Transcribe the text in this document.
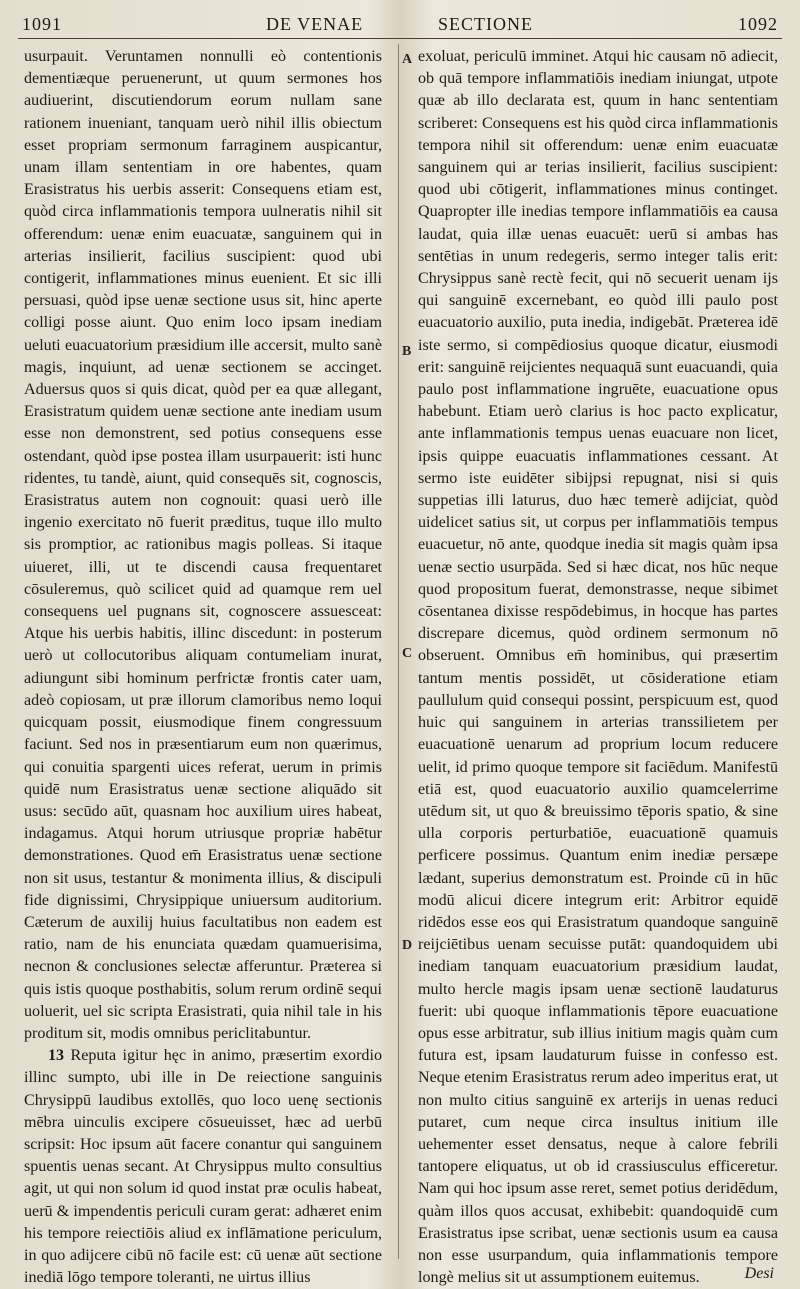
1091	DE VENAE	SECTIONE	1092

usurpauit. Veruntamen nonnulli eò contentionis dementiæque peruenerunt, ut quum sermones hos audiuerint, discutiendorum eorum nullam sane rationem inueniant, tanquam uerò nihil illis obiectum esset propriam sermonum farraginem auspicantur, unam illam sententiam in ore habentes, quam Erasistratus his uerbis asserit: Consequens etiam est, quòd circa inflammationis tempora uulneratis nihil sit offerendum: uenæ enim euacuatæ, sanguinem qui in arterias insilierit, facilius suscipient: quod ubi contigerit, inflammationes minus euenient. Et sic illi persuasi, quòd ipse uenæ sectione usus sit, hinc aperte colligi posse aiunt. Quo enim loco ipsam inediam ueluti euacuatorium præsidium ille accersit, multo sanè magis, inquiunt, ad uenæ sectionem se accinget. Aduersus quos si quis dicat, quòd per ea quæ allegant, Erasistratum quidem uenæ sectione ante inediam usum esse non demonstrent, sed potius consequens esse ostendant, quòd ipse postea illam usurpauerit: isti hunc ridentes, tu tandè, aiunt, quid consequēs sit, cognoscis, Erasistratus autem non cognouit: quasi uerò ille ingenio exercitato nō fuerit præditus, tuque illo multo sis promptior, ac rationibus magis polleas. Si itaque uiueret, illi, ut te discendi causa frequentaret cōsuleremus, quò scilicet quid ad quamque rem uel consequens uel pugnans sit, cognoscere assuesceat: Atque his uerbis habitis, illinc discedunt: in posterum uerò ut collocutoribus aliquam contumeliam inurat, adiungunt sibi hominum perfrictæ frontis cater uam, adeò copiosam, ut præ illorum clamoribus nemo loqui quicquam possit, eiusmodique finem congressuum faciunt. Sed nos in præsentiarum eum non quærimus, qui conuitia spargenti uices referat, uerum in primis quidē num Erasistratus uenæ sectione aliquādo sit usus: secūdo aūt, quasnam hoc auxilium uires habeat, indagamus. Atqui horum utriusque propriæ habētur demonstrationes. Quod em̄ Erasistratus uenæ sectione non sit usus, testantur & monimenta illius, & discipuli fide dignissimi, Chrysippique uniuersum auditorium. Cæterum de auxilij huius facultatibus non eadem est ratio, nam de his enunciata quædam quamuerisimа, necnon & conclusiones selectæ afferuntur. Præterea si quis istis quoque posthabitis, solum rerum ordinē sequi uoluerit, uel sic scripta Erasistrati, quia nihil tale in his proditum sit, modis omnibus periclitabuntur.

13 Reputa igitur hęc in animo, præsertim exordio illinc sumpto, ubi ille in De reiectione sanguinis Chrysippū laudibus extollēs, quo loco uenę sectionis mēbra uinculis excipere cōsueuisset, hæc ad uerbū scripsit: Hoc ipsum aūt facere conantur qui sanguinem spuentis uenas secant. At Chrysippus multo consultius agit, ut qui non solum id quod instat præ oculis habeat, uerū & impendentis periculi curam gerat: adhæret enim his tempore reiectiōis aliud ex inflāmatione periculum, in quo adijcere cibū nō facile est: cū uenæ aūt sectione inediā lōgo tempore toleranti, ne uirtus illius

A
B
C
D

exoluat, periculū imminet. Atqui hic causam nō adiecit, ob quā tempore inflammatiōis inediam iniungat, utpote quæ ab illo declarata est, quum in hanc sententiam scriberet: Consequens est his quòd circa inflammationis tempora nihil sit offerendum: uenæ enim euacuatæ sanguinem qui ar terias insilierit, facilius suscipient: quod ubi cōtigerit, inflammationes minus continget. Quapropter ille inedias tempore inflammatiōis ea causa laudat, quia illæ uenas euacuēt: uerū si ambas has sentētias in unum redegeris, sermo integer talis erit: Chrysippus sanè rectè fecit, qui nō secuerit uenam ijs qui sanguinē excernebant, eo quòd illi paulo post euacuatorio auxilio, puta inedia, indigebāt. Præterea idē iste sermo, si compēdiosius quoque dicatur, eiusmodi erit: sanguinē reijcientes nequaquā sunt euacuandi, quia paulo post inflammatione ingruēte, euacuatione opus habebunt. Etiam uerò clarius is hoc pacto explicatur, ante inflammationis tempus uenas euacuare non licet, ipsis quippe euacuatis inflammationes cessant. At sermo iste euidēter sibijpsi repugnat, nisi si quis suppetias illi laturus, duo hæc temerè adijciat, quòd uidelicet satius sit, ut corpus per inflammatiōis tempus euacuetur, nō ante, quodque inedia sit magis quàm ipsa uenæ sectio usurpāda. Sed si hæc dicat, nos hūc neque quod propositum fuerat, demonstrasse, neque sibimet cōsentanea dixisse respōdebimus, in hocque has partes discrepare dicemus, quòd ordinem sermonum nō obseruent. Omnibus em̄ hominibus, qui præsertim tantum mentis possidēt, ut cōsideratione etiam paullulum quid consequi possint, perspicuum est, quod huic qui sanguinem in arterias transsilietem per euacuationē uenarum ad proprium locum reducere uelit, id primo quoque tempore sit faciēdum. Manifestū etiā est, quod euacuatorio auxilio quamcelerrime utēdum sit, ut quo & breuissimo tēporis spatio, & sine ulla corporis perturbatiōe, euacuationē quamuis perficere possimus. Quantum enim inediæ persæpe lædant, superius demonstratum est. Proinde cū in hūc modū alicui dicere integrum erit: Arbitror equidē ridēdos esse eos qui Erasistratum quandoque sanguinē reijciētibus uenam secuisse putāt: quandoquidem ubi inediam tanquam euacuatorium præsidium laudat, multo hercle magis ipsam uenæ sectionē laudaturus fuerit: ubi quoque inflammationis tēpore euacuatione opus esse arbitratur, sub illius initium magis quàm cum futura est, ipsam laudaturum fuisse in confesso est. Neque etenim Erasistratus rerum adeo imperitus erat, ut non multo citius sanguinē ex arterijs in uenas reduci putaret, cum neque circa insultus initium ille uehementer esset densatus, neque à calore febrili tantopere eliquatus, ut ob id crassiusculus efficeretur. Nam qui hoc ipsum asse reret, semet potius deridēdum, quàm illos quos accusat, exhibebit: quandoquidē cum Erasistratus ipse scribat, uenæ sectionis usum ea causa non esse usurpandum, quia inflammationis tempore longè melius sit ut assumptionem euitemus.	Desi
